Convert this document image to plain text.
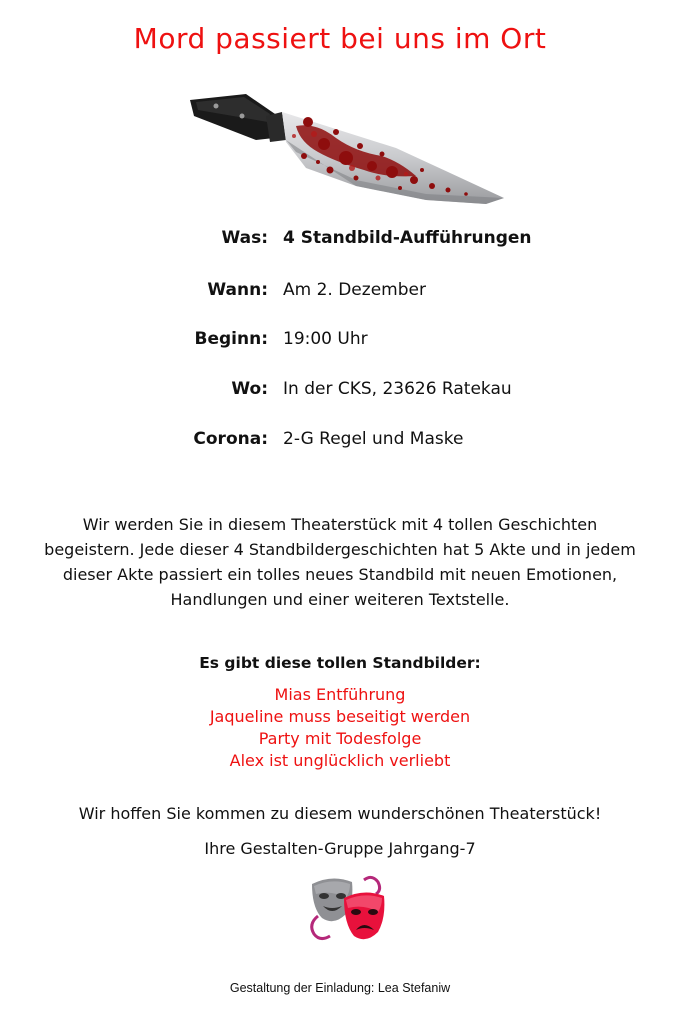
Mord passiert bei uns im Ort
Was: 4 Standbild-Aufführungen
Wann: Am 2. Dezember
Beginn: 19:00 Uhr
Wo: In der CKS, 23626 Ratekau
Corona: 2-G Regel und Maske
Wir werden Sie in diesem Theaterstück mit 4 tollen Geschichten
begeistern. Jede dieser 4 Standbildergeschichten hat 5 Akte und in jedem
dieser Akte passiert ein tolles neues Standbild mit neuen Emotionen,
Handlungen und einer weiteren Textstelle.
Es gibt diese tollen Standbilder:
Mias Entführung
Jaqueline muss beseitigt werden
Party mit Todesfolge
Alex ist unglücklich verliebt
Wir hoffen Sie kommen zu diesem wunderschönen Theaterstück!
Ihre Gestalten-Gruppe Jahrgang-7
Gestaltung der Einladung: Lea Stefaniw
